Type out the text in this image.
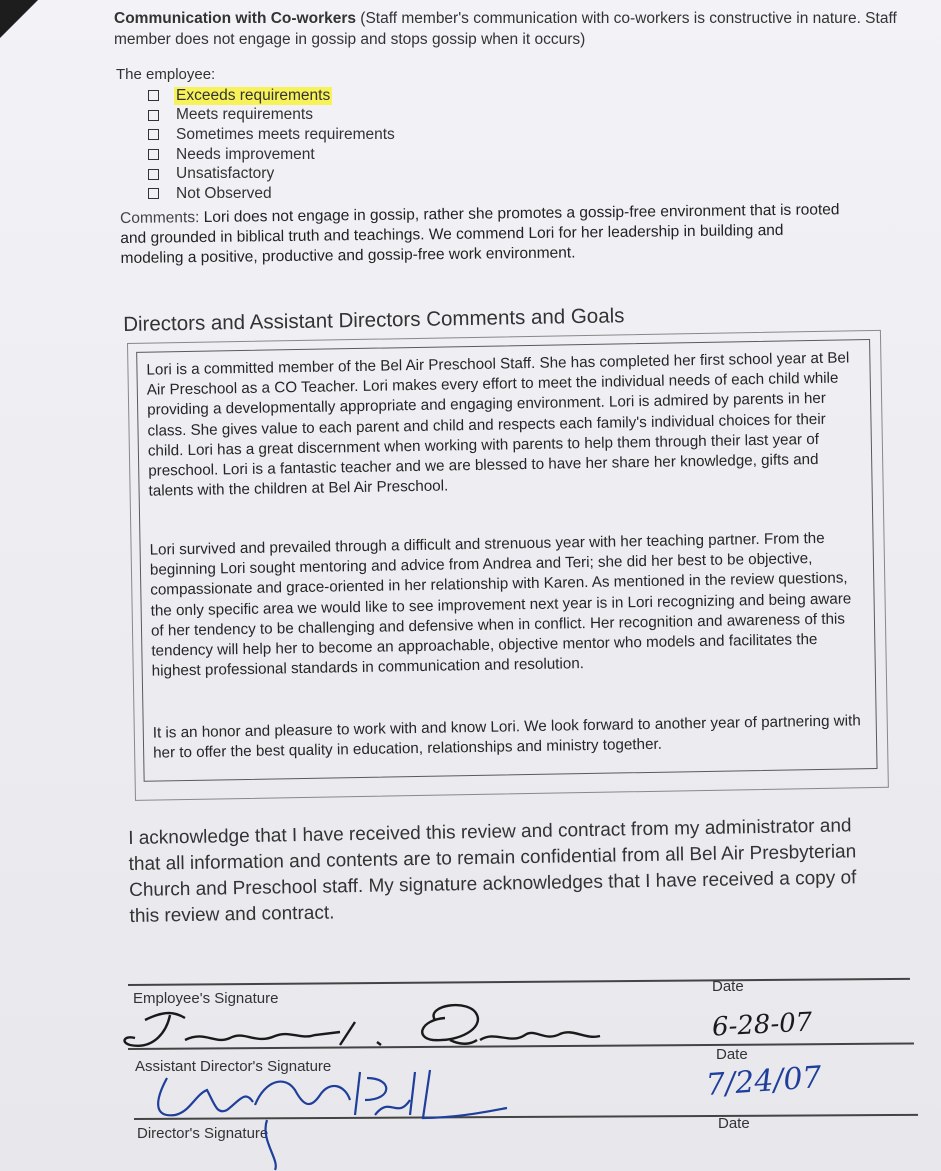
Communication with Co-workers (Staff member's communication with co-workers is constructive in nature. Staff member does not engage in gossip and stops gossip when it occurs)
The employee:
Exceeds requirements
Meets requirements
Sometimes meets requirements
Needs improvement
Unsatisfactory
Not Observed
Comments: Lori does not engage in gossip, rather she promotes a gossip-free environment that is rooted and grounded in biblical truth and teachings. We commend Lori for her leadership in building and modeling a positive, productive and gossip-free work environment.
Directors and Assistant Directors Comments and Goals
Lori is a committed member of the Bel Air Preschool Staff. She has completed her first school year at Bel Air Preschool as a CO Teacher. Lori makes every effort to meet the individual needs of each child while providing a developmentally appropriate and engaging environment. Lori is admired by parents in her class. She gives value to each parent and child and respects each family's individual choices for their child. Lori has a great discernment when working with parents to help them through their last year of preschool. Lori is a fantastic teacher and we are blessed to have her share her knowledge, gifts and talents with the children at Bel Air Preschool.
Lori survived and prevailed through a difficult and strenuous year with her teaching partner. From the beginning Lori sought mentoring and advice from Andrea and Teri; she did her best to be objective, compassionate and grace-oriented in her relationship with Karen. As mentioned in the review questions, the only specific area we would like to see improvement next year is in Lori recognizing and being aware of her tendency to be challenging and defensive when in conflict. Her recognition and awareness of this tendency will help her to become an approachable, objective mentor who models and facilitates the highest professional standards in communication and resolution.
It is an honor and pleasure to work with and know Lori. We look forward to another year of partnering with her to offer the best quality in education, relationships and ministry together.
I acknowledge that I have received this review and contract from my administrator and that all information and contents are to remain confidential from all Bel Air Presbyterian Church and Preschool staff. My signature acknowledges that I have received a copy of this review and contract.
Employee's Signature
Date
Assistant Director's Signature
Date
Director's Signature
Date
6-28-07
7/24/07
